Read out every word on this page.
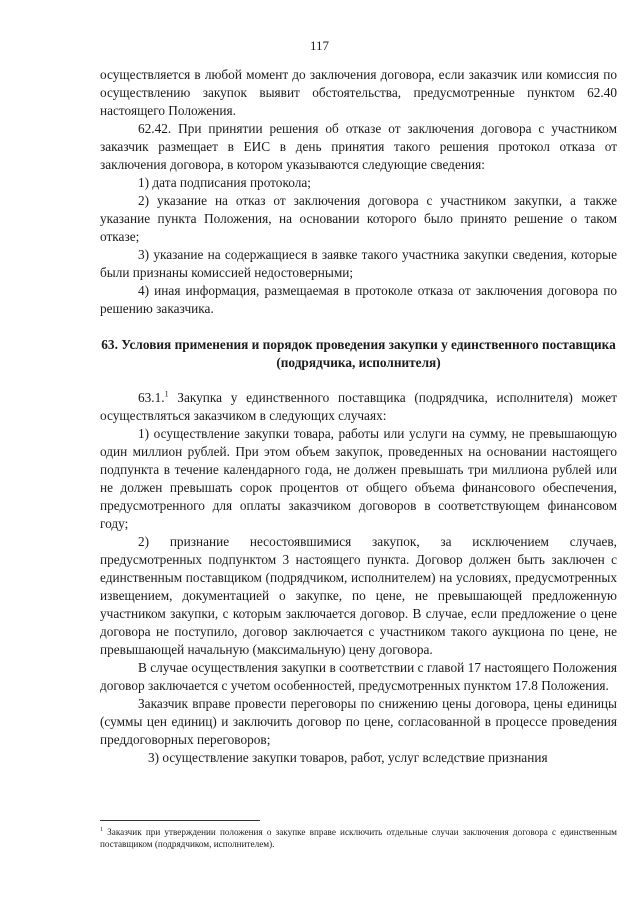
117

осуществляется в любой момент до заключения договора, если заказчик или комиссия по осуществлению закупок выявит обстоятельства, предусмотренные пунктом 62.40 настоящего Положения.

62.42. При принятии решения об отказе от заключения договора с участником заказчик размещает в ЕИС в день принятия такого решения протокол отказа от заключения договора, в котором указываются следующие сведения:

1) дата подписания протокола;

2) указание на отказ от заключения договора с участником закупки, а также указание пункта Положения, на основании которого было принято решение о таком отказе;

3) указание на содержащиеся в заявке такого участника закупки сведения, которые были признаны комиссией недостоверными;

4) иная информация, размещаемая в протоколе отказа от заключения договора по решению заказчика.

63. Условия применения и порядок проведения закупки у единственного поставщика (подрядчика, исполнителя)

63.1.$^1$ Закупка у единственного поставщика (подрядчика, исполнителя) может осуществляться заказчиком в следующих случаях:

1) осуществление закупки товара, работы или услуги на сумму, не превышающую один миллион рублей. При этом объем закупок, проведенных на основании настоящего подпункта в течение календарного года, не должен превышать три миллиона рублей или не должен превышать сорок процентов от общего объема финансового обеспечения, предусмотренного для оплаты заказчиком договоров в соответствующем финансовом году;

2) признание несостоявшимися закупок, за исключением случаев, предусмотренных подпунктом 3 настоящего пункта. Договор должен быть заключен с единственным поставщиком (подрядчиком, исполнителем) на условиях, предусмотренных извещением, документацией о закупке, по цене, не превышающей предложенную участником закупки, с которым заключается договор. В случае, если предложение о цене договора не поступило, договор заключается с участником такого аукциона по цене, не превышающей начальную (максимальную) цену договора.

В случае осуществления закупки в соответствии с главой 17 настоящего Положения договор заключается с учетом особенностей, предусмотренных пунктом 17.8 Положения.

Заказчик вправе провести переговоры по снижению цены договора, цены единицы (суммы цен единиц) и заключить договор по цене, согласованной в процессе проведения преддоговорных переговоров;

3) осуществление закупки товаров, работ, услуг вследствие признания

$^1$ Заказчик при утверждении положения о закупке вправе исключить отдельные случаи заключения договора с единственным поставщиком (подрядчиком, исполнителем).
